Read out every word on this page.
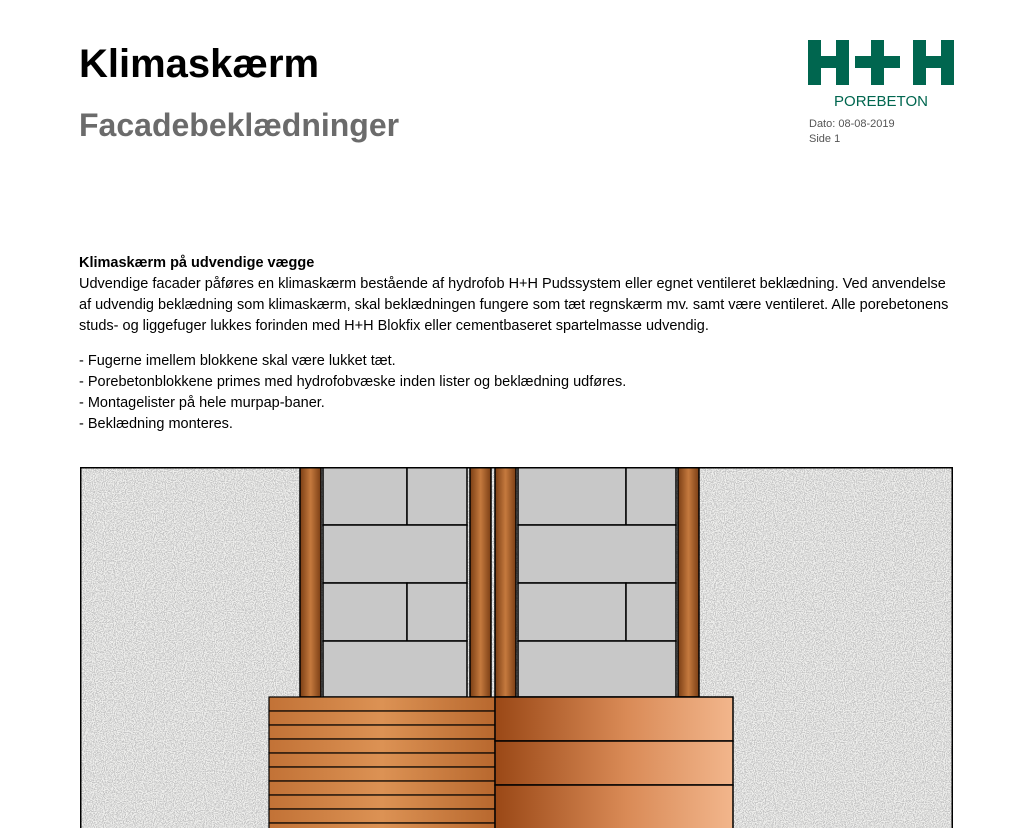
Klimaskærm
Facadebeklædninger
POREBETON
Dato: 08-08-2019
Side 1

Klimaskærm på udvendige vægge

Udvendige facader påføres en klimaskærm bestående af hydrofob H+H Pudssystem eller egnet ventileret beklædning. Ved anvendelse af udvendig beklædning som klimaskærm, skal beklædningen fungere som tæt regnskærm mv. samt være ventileret. Alle porebetonens studs- og liggefuger lukkes forinden med H+H Blokfix eller cementbaseret spartelmasse udvendig.

- Fugerne imellem blokkene skal være lukket tæt.
- Porebetonblokkene primes med hydrofobvæske inden lister og beklædning udføres.
- Montagelister på hele murpap-baner.
- Beklædning monteres.
